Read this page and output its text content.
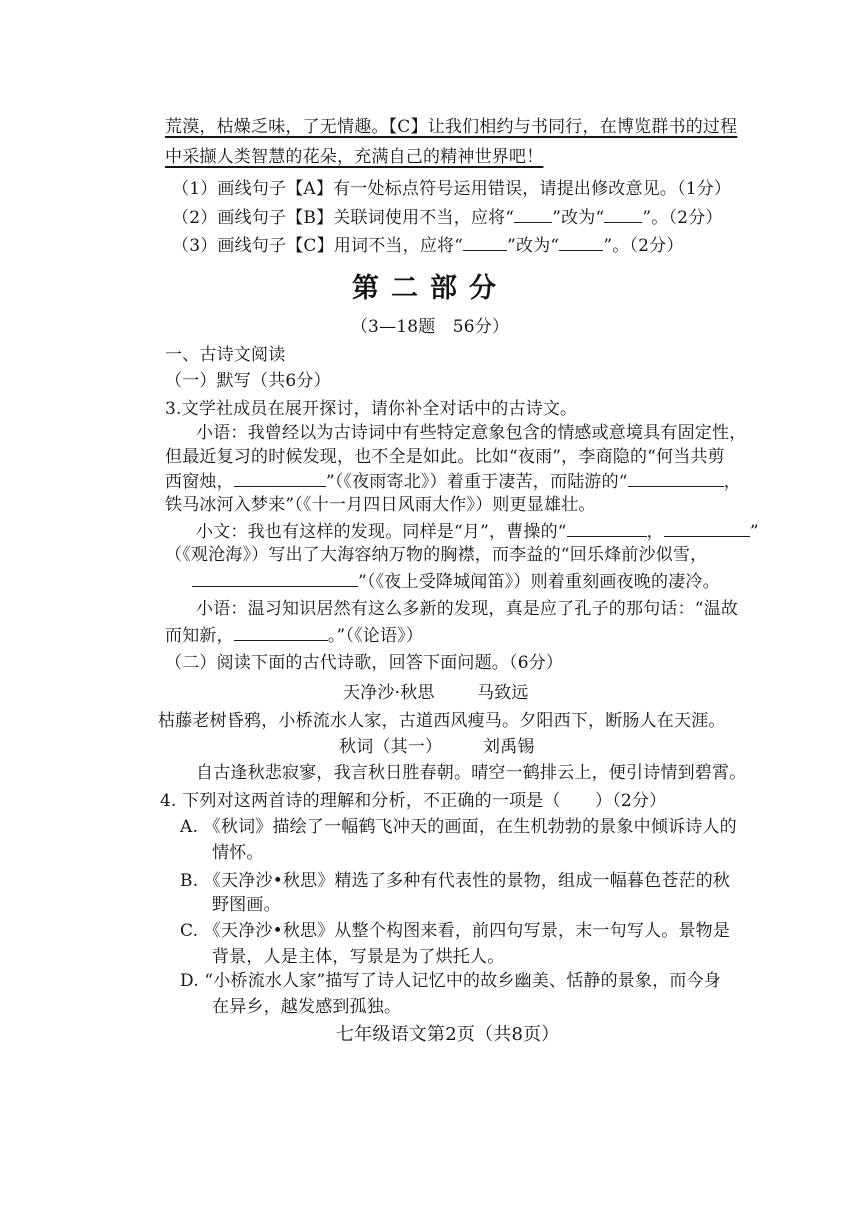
荒漠，枯燥乏味，了无情趣。【C】让我们相约与书同行，在博览群书的过程
中采撷人类智慧的花朵，充满自己的精神世界吧！
（1）画线句子【A】有一处标点符号运用错误，请提出修改意见。（1分）
（2）画线句子【B】关联词使用不当，应将“ ”改为“ ”。（2分）
（3）画线句子【C】用词不当，应将“	”改为“	”。（2分）
第二部分
（3—18题　56分）
一、古诗文阅读
（一）默写（共6分）
3.文学社成员在展开探讨，请你补全对话中的古诗文。
小语：我曾经以为古诗词中有些特定意象包含的情感或意境具有固定性，
但最近复习的时候发现，也不全是如此。比如“夜雨”，李商隐的“何当共剪
西窗烛，	”（《夜雨寄北》）着重于凄苦，而陆游的“	，
铁马冰河入梦来”（《十一月四日风雨大作》）则更显雄壮。
小文：我也有这样的发现。同样是“月”，曹操的“	，	”
（《观沧海》）写出了大海容纳万物的胸襟，而李益的“回乐烽前沙似雪，
”（《夜上受降城闻笛》）则着重刻画夜晚的凄冷。
小语：温习知识居然有这么多新的发现，真是应了孔子的那句话：“温故
而知新，	。”（《论语》）
（二）阅读下面的古代诗歌，回答下面问题。（6分）
天净沙·秋思 马致远
枯藤老树昏鸦，小桥流水人家，古道西风瘦马。夕阳西下，断肠人在天涯。
秋词（其一） 刘禹锡
自古逢秋悲寂寥，我言秋日胜春朝。晴空一鹤排云上，便引诗情到碧霄。
4. 下列对这两首诗的理解和分析，不正确的一项是（　　）（2分）
A. 《秋词》描绘了一幅鹤飞冲天的画面，在生机勃勃的景象中倾诉诗人的
情怀。
B. 《天净沙•秋思》精选了多种有代表性的景物，组成一幅暮色苍茫的秋
野图画。
C. 《天净沙•秋思》从整个构图来看，前四句写景，末一句写人。景物是
背景，人是主体，写景是为了烘托人。
D. “小桥流水人家”描写了诗人记忆中的故乡幽美、恬静的景象，而今身
在异乡，越发感到孤独。
七年级语文第2页（共8页）
